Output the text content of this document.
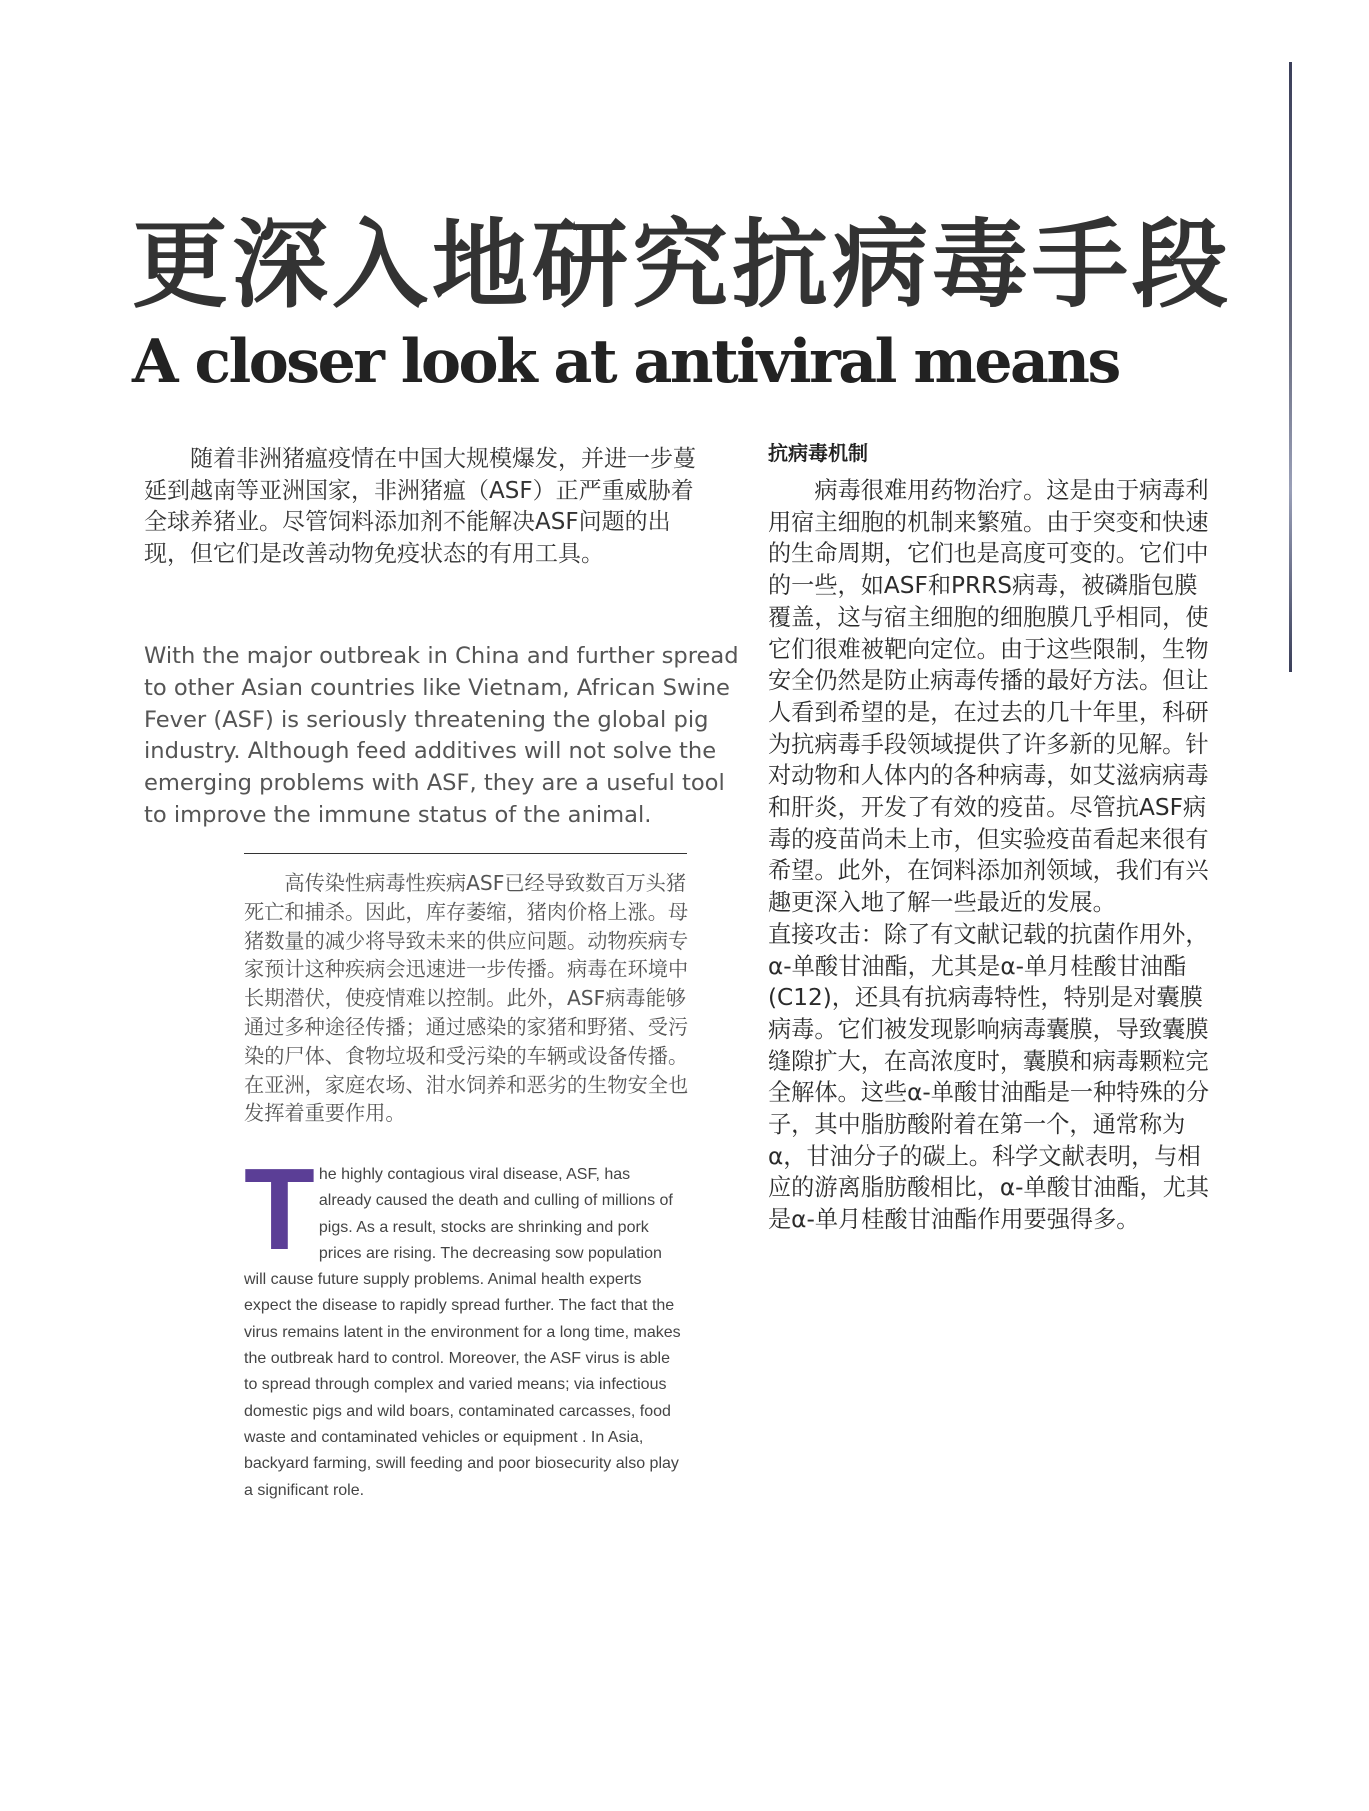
更深入地研究抗病毒手段
A closer look at antiviral means

随着非洲猪瘟疫情在中国大规模爆发，并进一步蔓延到越南等亚洲国家，非洲猪瘟（ASF）正严重威胁着全球养猪业。尽管饲料添加剂不能解决ASF问题的出现，但它们是改善动物免疫状态的有用工具。

With the major outbreak in China and further spread to other Asian countries like Vietnam, African Swine Fever (ASF) is seriously threatening the global pig industry. Although feed additives will not solve the emerging problems with ASF, they are a useful tool to improve the immune status of the animal.

高传染性病毒性疾病ASF已经导致数百万头猪死亡和捕杀。因此，库存萎缩，猪肉价格上涨。母猪数量的减少将导致未来的供应问题。动物疾病专家预计这种疾病会迅速进一步传播。病毒在环境中长期潜伏，使疫情难以控制。此外，ASF病毒能够通过多种途径传播；通过感染的家猪和野猪、受污染的尸体、食物垃圾和受污染的车辆或设备传播。在亚洲，家庭农场、泔水饲养和恶劣的生物安全也发挥着重要作用。

The highly contagious viral disease, ASF, has already caused the death and culling of millions of pigs. As a result, stocks are shrinking and pork prices are rising. The decreasing sow population will cause future supply problems. Animal health experts expect the disease to rapidly spread further. The fact that the virus remains latent in the environment for a long time, makes the outbreak hard to control. Moreover, the ASF virus is able to spread through complex and varied means; via infectious domestic pigs and wild boars, contaminated carcasses, food waste and contaminated vehicles or equipment . In Asia, backyard farming, swill feeding and poor biosecurity also play a significant role.

抗病毒机制

病毒很难用药物治疗。这是由于病毒利用宿主细胞的机制来繁殖。由于突变和快速的生命周期，它们也是高度可变的。它们中的一些，如ASF和PRRS病毒，被磷脂包膜覆盖，这与宿主细胞的细胞膜几乎相同，使它们很难被靶向定位。由于这些限制，生物安全仍然是防止病毒传播的最好方法。但让人看到希望的是，在过去的几十年里，科研为抗病毒手段领域提供了许多新的见解。针对动物和人体内的各种病毒，如艾滋病病毒和肝炎，开发了有效的疫苗。尽管抗ASF病毒的疫苗尚未上市，但实验疫苗看起来很有希望。此外，在饲料添加剂领域，我们有兴趣更深入地了解一些最近的发展。

直接攻击：除了有文献记载的抗菌作用外，α-单酸甘油酯，尤其是α-单月桂酸甘油酯(C12)，还具有抗病毒特性，特别是对囊膜病毒。它们被发现影响病毒囊膜，导致囊膜缝隙扩大，在高浓度时，囊膜和病毒颗粒完全解体。这些α-单酸甘油酯是一种特殊的分子，其中脂肪酸附着在第一个，通常称为α，甘油分子的碳上。科学文献表明，与相应的游离脂肪酸相比，α-单酸甘油酯，尤其是α-单月桂酸甘油酯作用要强得多。
